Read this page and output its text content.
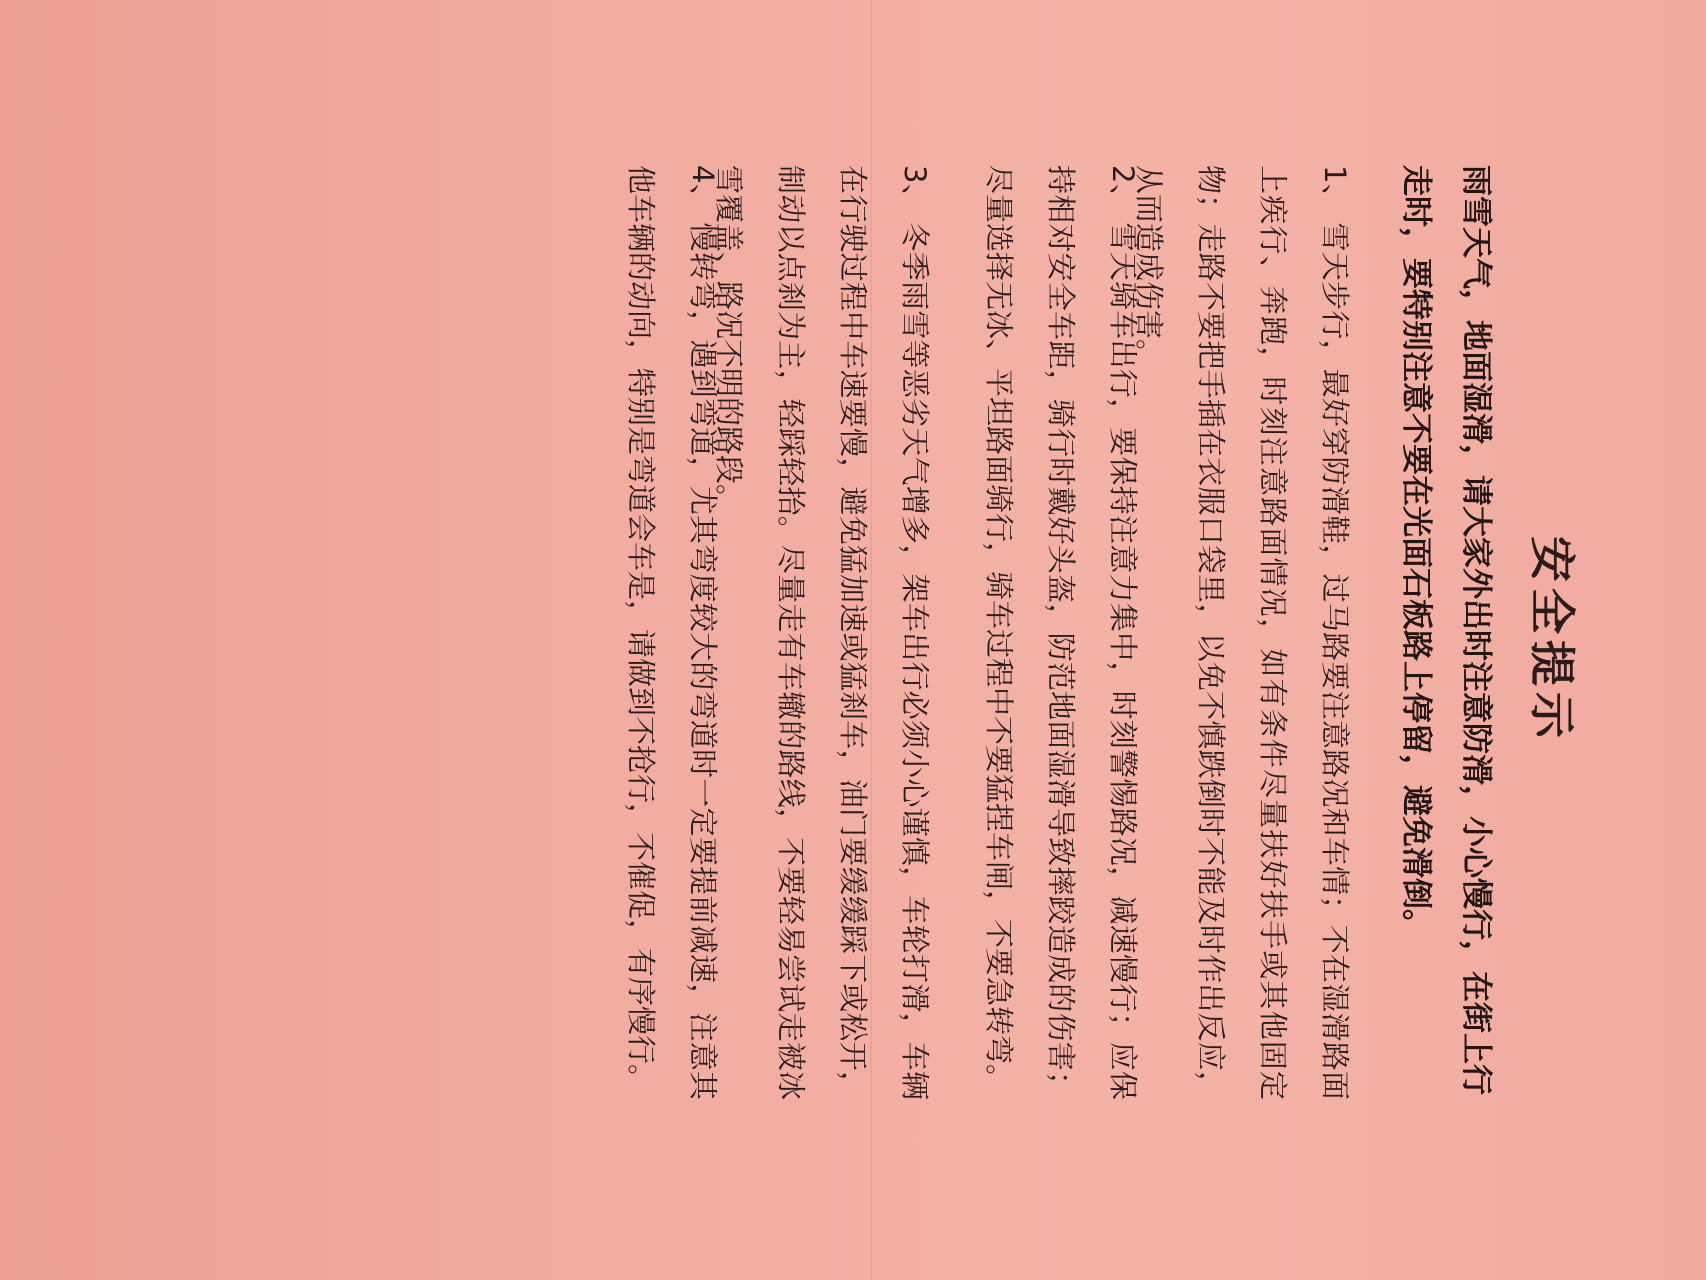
安全提示

雨雪天气，地面湿滑，请大家外出时注意防滑，小心慢行，在街上行走时，要特别注意不要在光面石板路上停留，避免滑倒。

1、 雪天步行，最好穿防滑鞋，过马路要注意路况和车情；不在湿滑路面上疾行、奔跑，时刻注意路面情况，如有条件尽量扶好扶手或其他固定物；走路不要把手插在衣服口袋里，以免不慎跌倒时不能及时作出反应，从而造成伤害。

2、 雪天骑车出行，要保持注意力集中，时刻警惕路况，减速慢行；应保持相对安全车距，骑行时戴好头盔，防范地面湿滑导致摔跤造成的伤害；尽量选择无冰、平坦路面骑行，骑车过程中不要猛捏车闸，不要急转弯。

3、 冬季雨雪等恶劣天气增多，架车出行必须小心谨慎，车轮打滑，车辆在行驶过程中车速要慢，避免猛加速或猛刹车，油门要缓缓踩下或松开，制动以点刹为主，轻踩轻抬。尽量走有车辙的路线，不要轻易尝试走被冰雪覆盖、路况不明的路段。

4、 慢转弯，遇到弯道，尤其弯度较大的弯道时一定要提前减速，注意其他车辆的动向，特别是弯道会车是，请做到不抢行，不催促，有序慢行。
